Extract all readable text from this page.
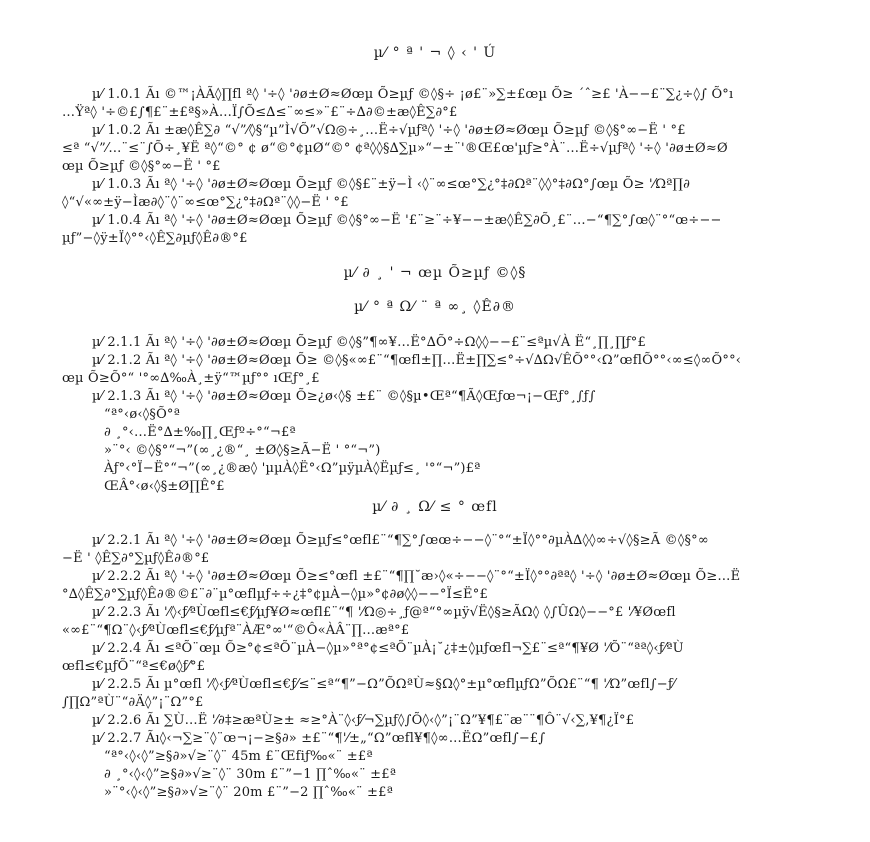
µ⁄ ° ª ' ¬ ◊ ‹ ' Ú
µ⁄ 1.0.1 Ãı ©™¡ÀÃ◊∏fl ª◊ '÷◊ '∂ø±Ø≈Øœµ Õ≥µƒ ©◊§÷ ¡ø£¨»∑±£œµ Õ≥ ´ˆ≥£ 'À−−£¨∑¿÷◊∫ Õ°ı
…Ÿª◊ '÷©£∫¶£¨±£ª§»À…Ï∫Õ≤∆≤¨∞≤»¨£¨÷∆∂©±æ◊Ê∑∂°£
µ⁄ 1.0.2 Ãı ±æ◊Ê∑∂ “√”⁄◊§“µ”Ì√Õ”√Ω◎÷¸…Ë÷√µƒª◊ '÷◊ '∂ø±Ø≈Øœµ Õ≥µƒ ©◊§°∞−Ë ' °£
≤ª “√”⁄…¨≤¨∫Õ÷¸¥Ë ª◊“©° ¢ ø“©°¢µØ“©° ¢ª◊◊§∆∑µ»“−±¨'®Œ£œ'µƒ≥°À¨…Ë÷√µƒª◊ '÷◊ '∂ø±Ø≈Ø
œµ Õ≥µƒ ©◊§°∞−Ë ' °£
µ⁄ 1.0.3 Ãı ª◊ '÷◊ '∂ø±Ø≈Øœµ Õ≥µƒ ©◊§£¨±ÿ−Ì ‹◊¨∞≤œ°∑¿°‡∂Ωª¨◊◊°‡∂Ω°∫œµ Õ≥ '⁄Ωª∏∂
◊“√«∞±ÿ−Ìæ∂◊¨◊¨∞≤œ°∑¿°‡∂Ωª¨◊◊−Ë ' °£
µ⁄ 1.0.4 Ãı ª◊ '÷◊ '∂ø±Ø≈Øœµ Õ≥µƒ ©◊§°∞−Ë '£¨≥¨÷¥−−±æ◊Ê∑∂Õ¸£¨…−“¶∑°∫œ◊¨°“œ÷−−
µƒ”−◊ÿ±Ï◊°°‹◊Ê∑∂µƒ◊Ê∂®°£
µ⁄ ∂ ¸ ' ¬ œµ Õ≥µƒ ©◊§
µ⁄ ° ª Ω⁄ ¨ ª ∞¸ ◊Ê∂®
µ⁄ 2.1.1 Ãı ª◊ '÷◊ '∂ø±Ø≈Øœµ Õ≥µƒ ©◊§”¶∞¥…Ë°∆Õ°÷Ω◊◊−−£¨≤ªµ√À Ë“¸∏¸∏ƒ°£
µ⁄ 2.1.2 Ãı ª◊ '÷◊ '∂ø±Ø≈Øœµ Õ≥ ©◊§«∞£¨“¶œfl±∏…Ë±∏∑≤°÷√∆Ω√ÊÕ°°‹Ω”œflÕ°°‹∞≤◊∞Õ°°‹
œµ Õ≥Õ°“ '°∞∆‰À¸±ÿ“™µƒ°° ıŒƒ°¸£
µ⁄ 2.1.3 Ãı ª◊ '÷◊ '∂ø±Ø≈Øœµ Õ≥¿ø‹◊§ ±£¨ ©◊§µ•Œª“¶Ã◊Œƒœ¬¡−Œƒ°¸∫ƒ∫
“ª°‹ø‹◊§Õ°ª
∂ ¸°‹…Ë°∆±‰∏¸Œƒº÷°“¬£ª
»¨°‹ ©◊§°“¬”(∞¸¿®“¸ ±Ø◊§≥Ã−Ë ' °“¬”)
Àƒ°‹°Ï−Ë°“¬”(∞¸¿®æ◊ 'µµÀ◊Ë°‹Ω”µÿµÀ◊Ëµƒ≤¸ '°“¬”)£ª
ŒÂ°‹ø‹◊§±Ø∏Ê°£
µ⁄ ∂ ¸ Ω⁄ ≤ ° œfl
µ⁄ 2.2.1 Ãı ª◊ '÷◊ '∂ø±Ø≈Øœµ Õ≥µƒ≤°œfl£¨“¶∑°∫œœ÷−−◊¨°“±Ï◊°°∂µÀ∆◊◊∞÷√◊§≥Ã ©◊§°∞
−Ë ' ◊Ê∑∂°∑µƒ◊Ê∂®°£
µ⁄ 2.2.2 Ãı ª◊ '÷◊ '∂ø±Ø≈Øœµ Õ≥≤°œfl ±£¨“¶∏˘æ›◊«÷−−◊¨°“±Ï◊°°∂ªª◊ '÷◊ '∂ø±Ø≈Øœµ Õ≥…Ë
°∆◊Ê∑∂°∑µƒ◊Ê∂®©£¨∂¨µ°œflµƒ÷÷¿‡°¢µÀ−◊µ»°¢∂ø◊◊−−°Ï≤Ë°£
µ⁄ 2.2.3 Ãı '⁄◊‹ƒ⁄ªÙœfl≤€ƒ⁄µƒ¥Ø≈œfl£¨“¶ '⁄Ω◎÷¸ƒ@ª“°∞µÿ√Ë◊§≥ÃΩ◊ ◊∫ÛΩ◊−−°£ '⁄¥Øœfl
«∞£¨“¶Ω¨◊‹ƒ⁄ªÙœfl≤€ƒ⁄µƒª¨ÀÆ°∞'“©Ô«ÀÂ¨∏…æª°£
µ⁄ 2.2.4 Ãı ≤ªÕ¨œµ Õ≥°¢≤ªÕ¨µÀ−◊µ»°ª°¢≤ªÕ¨µÀ¡˘¿‡±◊µƒœfl¬∑£¨≤ª“¶¥Ø '⁄Õ¨“ªª◊‹ƒ⁄ªÙ
œfl≤€µƒÕ¨“ª≤€ø◊ƒ⁄°£
µ⁄ 2.2.5 Ãı µ°œfl '⁄◊‹ƒ⁄ªÙœfl≤€ƒ⁄≤¨≤ª“¶”−Ω”ÕΩªÙ≈§Ω◊°±µ°œflµƒΩ”ÕΩ£¨“¶ '⁄Ω”œfl∫−ƒ⁄
∫∏Ω”ªÙ¨“∂Ä◊”¡¨Ω”°£
µ⁄ 2.2.6 Ãı ∑Ù…Ë '⁄∂‡≥æªÙ≥± ≈≥°À¨◊‹ƒ⁄¬∑µƒ◊∫Õ◊‹◊”¡¨Ω”¥¶£¨æ¨¨¶Ô¨√‹∑,¥¶¿Ï°£
µ⁄ 2.2.7 Ãı◊‹¬∑≥¨◊¨œ¬¡−≥§∂» ±£¨“¶'⁄±„“Ω”œfl¥¶◊∞…ËΩ”œfl∫−£∫
“ª°‹◊‹◊”≥§∂»√≥¨◊¨ 45m £¨Œfiƒ‰«¨ ±£ª
∂ ¸°‹◊‹◊”≥§∂»√≥¨◊¨ 30m £¨”−1 ∏ˆ‰«¨ ±£ª
»¨°‹◊‹◊”≥§∂»√≥¨◊¨ 20m £¨”−2 ∏ˆ‰«¨ ±£ª
